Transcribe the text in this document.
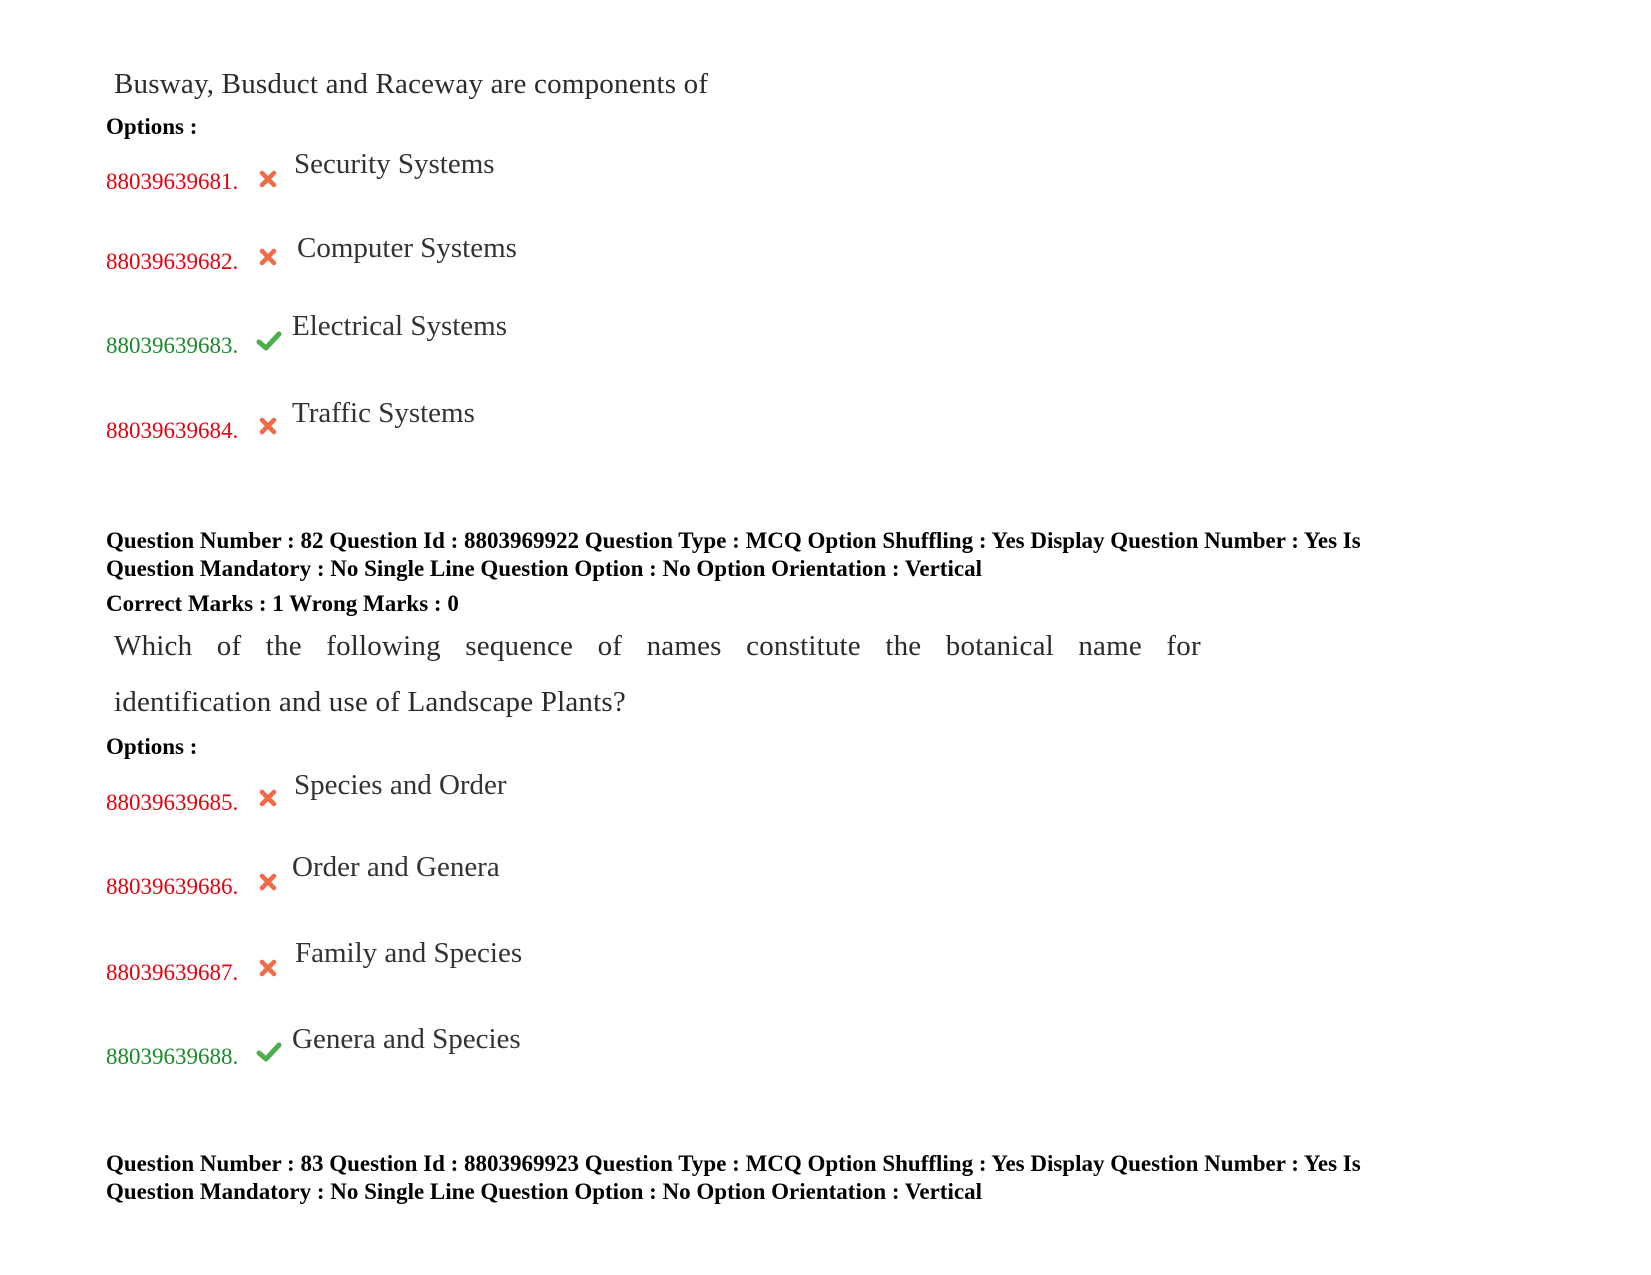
Busway, Busduct and Raceway are components of
Options :
88039639681.
Security Systems
88039639682. Computer Systems
88039639683.
Electrical Systems
88039639684.
Traffic Systems
Question Number : 82 Question Id : 8803969922 Question Type : MCQ Option Shuffling : Yes Display Question Number : Yes Is
Question Mandatory : No Single Line Question Option : No Option Orientation : Vertical
Correct Marks : 1 Wrong Marks : 0
Which of the following sequence of names constitute the botanical name for
identification and use of Landscape Plants?
Options :
88039639685.
Species and Order
88039639686.
Order and Genera
88039639687.
Family and Species
88039639688.
Genera and Species
Question Number : 83 Question Id : 8803969923 Question Type : MCQ Option Shuffling : Yes Display Question Number : Yes Is
Question Mandatory : No Single Line Question Option : No Option Orientation : Vertical
